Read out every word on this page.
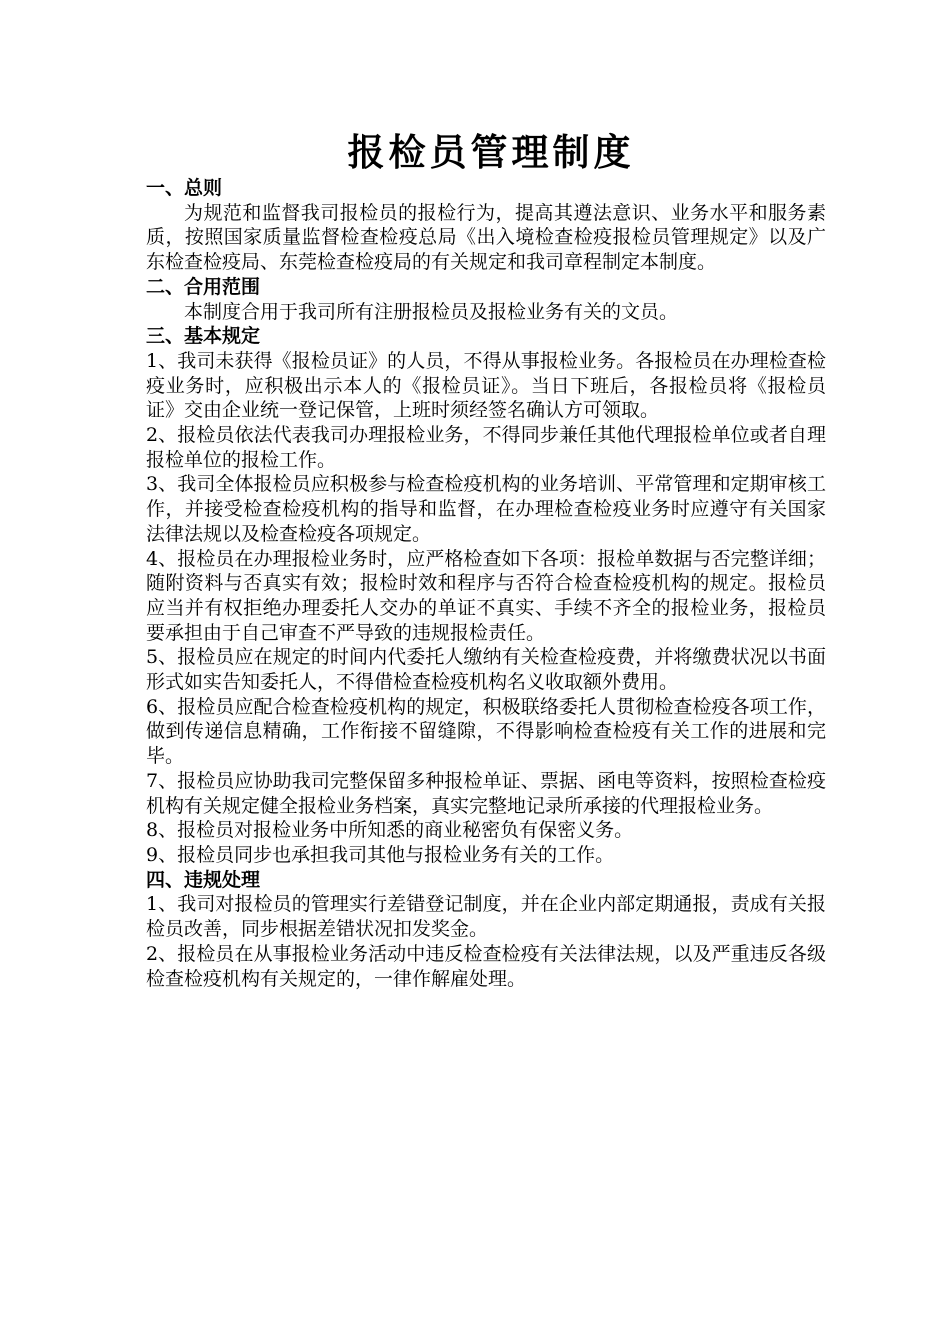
报检员管理制度
一、总则

为规范和监督我司报检员的报检行为，提高其遵法意识、业务水平和服务素质，按照国家质量监督检查检疫总局《出入境检查检疫报检员管理规定》以及广东检查检疫局、东莞检查检疫局的有关规定和我司章程制定本制度。

二、合用范围

本制度合用于我司所有注册报检员及报检业务有关的文员。

三、基本规定

1、我司未获得《报检员证》的人员，不得从事报检业务。各报检员在办理检查检疫业务时，应积极出示本人的《报检员证》。当日下班后，各报检员将《报检员证》交由企业统一登记保管，上班时须经签名确认方可领取。

2、报检员依法代表我司办理报检业务，不得同步兼任其他代理报检单位或者自理报检单位的报检工作。

3、我司全体报检员应积极参与检查检疫机构的业务培训、平常管理和定期审核工作，并接受检查检疫机构的指导和监督，在办理检查检疫业务时应遵守有关国家法律法规以及检查检疫各项规定。

4、报检员在办理报检业务时，应严格检查如下各项：报检单数据与否完整详细；随附资料与否真实有效；报检时效和程序与否符合检查检疫机构的规定。报检员应当并有权拒绝办理委托人交办的单证不真实、手续不齐全的报检业务，报检员要承担由于自己审查不严导致的违规报检责任。

5、报检员应在规定的时间内代委托人缴纳有关检查检疫费，并将缴费状况以书面形式如实告知委托人，不得借检查检疫机构名义收取额外费用。

6、报检员应配合检查检疫机构的规定，积极联络委托人贯彻检查检疫各项工作，做到传递信息精确，工作衔接不留缝隙，不得影响检查检疫有关工作的进展和完毕。

7、报检员应协助我司完整保留多种报检单证、票据、函电等资料，按照检查检疫机构有关规定健全报检业务档案，真实完整地记录所承接的代理报检业务。

8、报检员对报检业务中所知悉的商业秘密负有保密义务。

9、报检员同步也承担我司其他与报检业务有关的工作。

四、违规处理

1、我司对报检员的管理实行差错登记制度，并在企业内部定期通报，责成有关报检员改善，同步根据差错状况扣发奖金。

2、报检员在从事报检业务活动中违反检查检疫有关法律法规，以及严重违反各级检查检疫机构有关规定的，一律作解雇处理。
